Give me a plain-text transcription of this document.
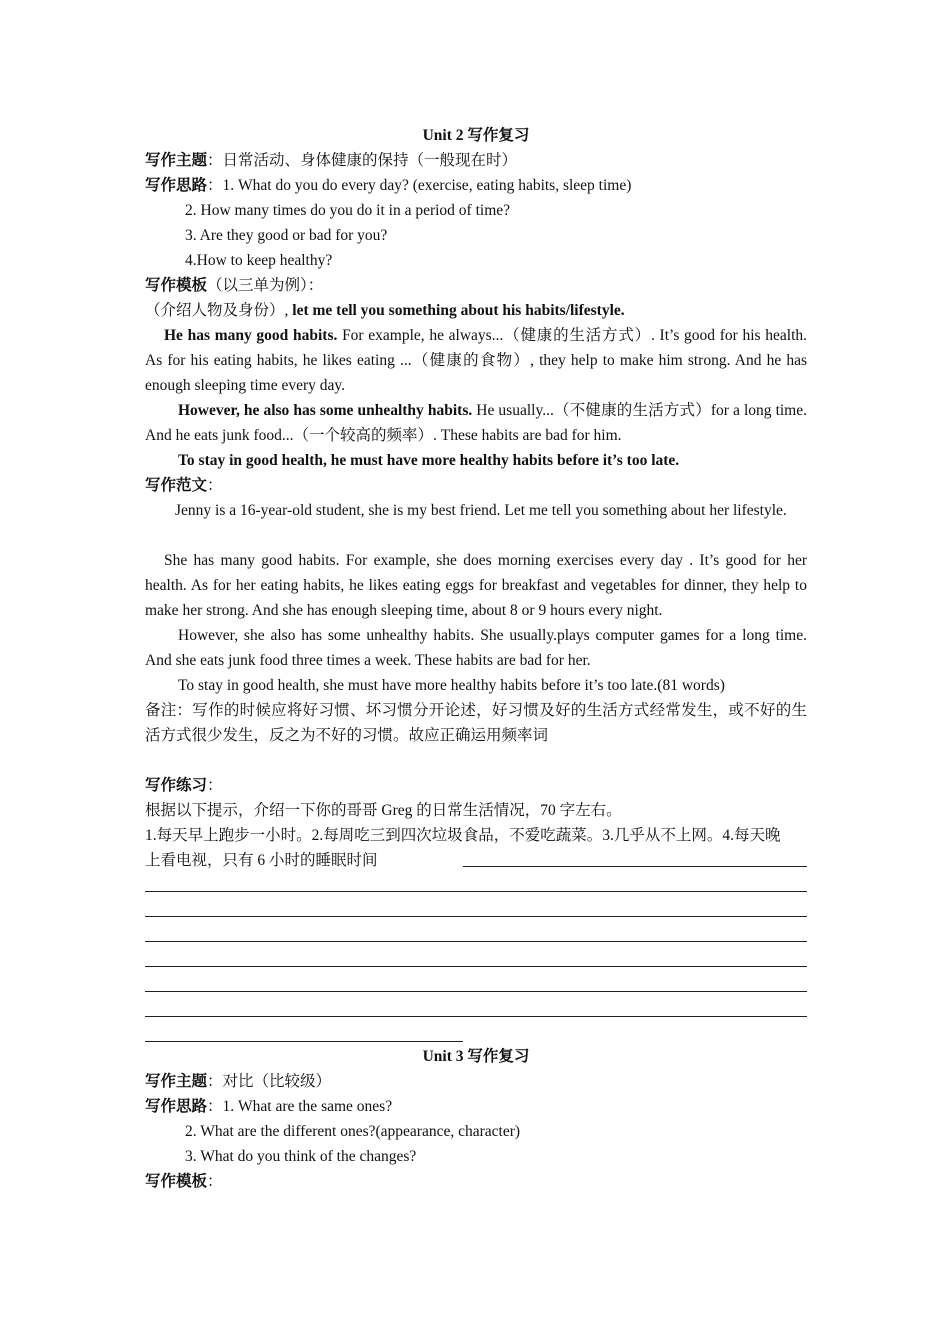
Unit 2 写作复习
写作主题：日常活动、身体健康的保持（一般现在时）
写作思路：1. What do you do every day? (exercise, eating habits, sleep time)
2. How many times do you do it in a period of time?
3. Are they good or bad for you?
4.How to keep healthy?
写作模板（以三单为例）：
（介绍人物及身份）, let me tell you something about his habits/lifestyle.
He has many good habits. For example, he always...（健康的生活方式）. It’s good for his health. As for his eating habits, he likes eating ...（健康的食物）, they help to make him strong. And he has enough sleeping time every day.
However, he also has some unhealthy habits. He usually...（不健康的生活方式）for a long time. And he eats junk food...（一个较高的频率）. These habits are bad for him.
To stay in good health, he must have more healthy habits before it’s too late.
写作范文：
Jenny is a 16-year-old student, she is my best friend. Let me tell you something about her lifestyle.
She has many good habits. For example, she does morning exercises every day . It’s good for her health. As for her eating habits, he likes eating eggs for breakfast and vegetables for dinner, they help to make her strong. And she has enough sleeping time, about 8 or 9 hours every night.
However, she also has some unhealthy habits. She usually.plays computer games for a long time. And she eats junk food three times a week. These habits are bad for her.
To stay in good health, she must have more healthy habits before it’s too late.(81 words)
备注：写作的时候应将好习惯、坏习惯分开论述，好习惯及好的生活方式经常发生，或不好的生活方式很少发生，反之为不好的习惯。故应正确运用频率词
写作练习：
根据以下提示，介绍一下你的哥哥 Greg 的日常生活情况，70 字左右。
1.每天早上跑步一小时。2.每周吃三到四次垃圾食品，不爱吃蔬菜。3.几乎从不上网。4.每天晚
上看电视，只有 6 小时的睡眠时间
Unit 3 写作复习
写作主题：对比（比较级）
写作思路：1. What are the same ones?
2. What are the different ones?(appearance, character)
3. What do you think of the changes?
写作模板：
